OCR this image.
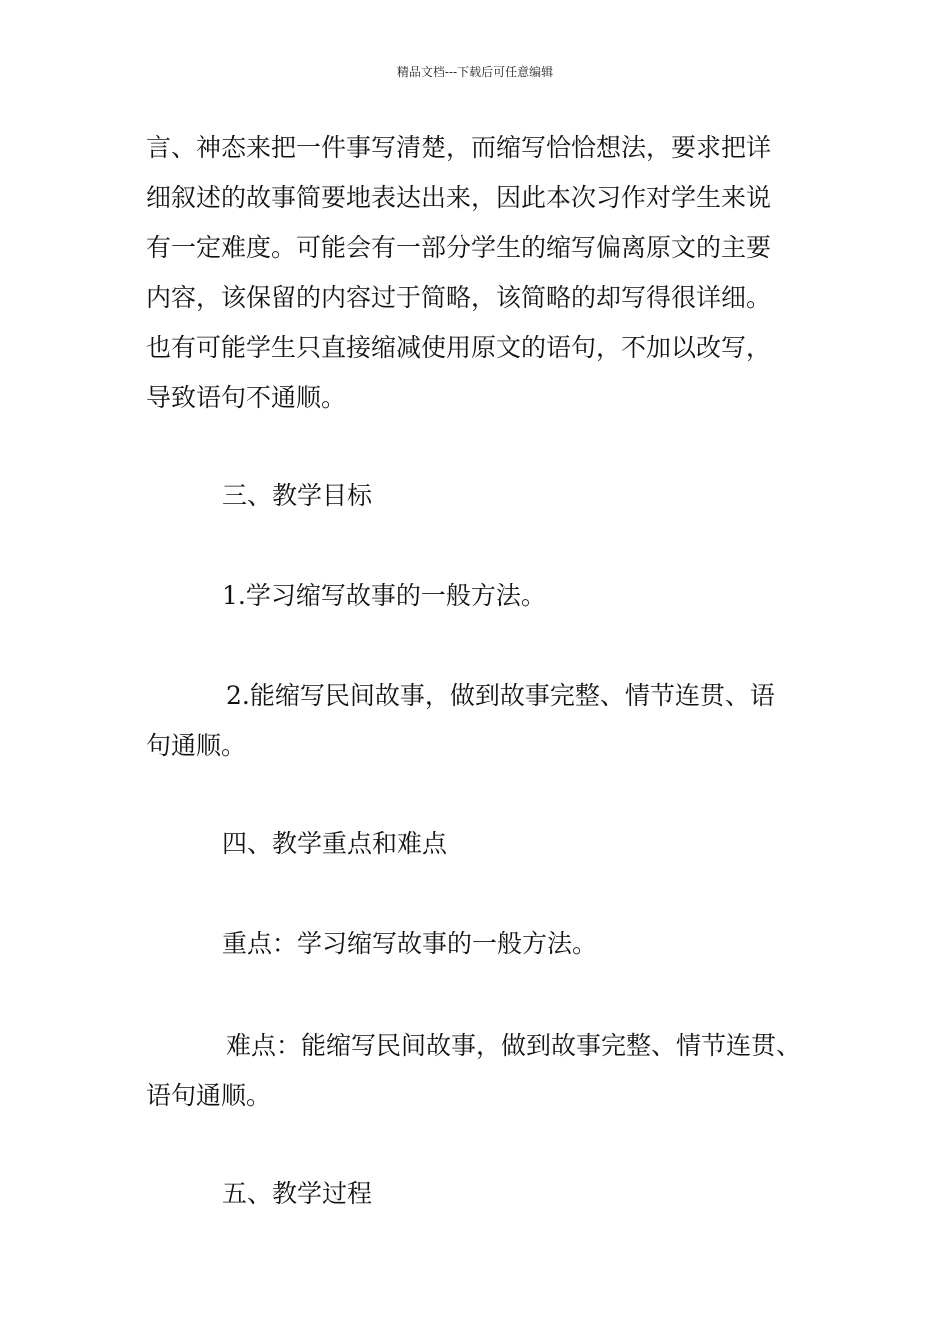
精品文档---下载后可任意编辑
言、神态来把一件事写清楚，而缩写恰恰想法，要求把详
细叙述的故事简要地表达出来，因此本次习作对学生来说
有一定难度。可能会有一部分学生的缩写偏离原文的主要
内容，该保留的内容过于简略，该简略的却写得很详细。
也有可能学生只直接缩减使用原文的语句，不加以改写，
导致语句不通顺。
三、教学目标
1.学习缩写故事的一般方法。
2.能缩写民间故事，做到故事完整、情节连贯、语
句通顺。
四、教学重点和难点
重点：学习缩写故事的一般方法。
难点：能缩写民间故事，做到故事完整、情节连贯、
语句通顺。
五、教学过程
